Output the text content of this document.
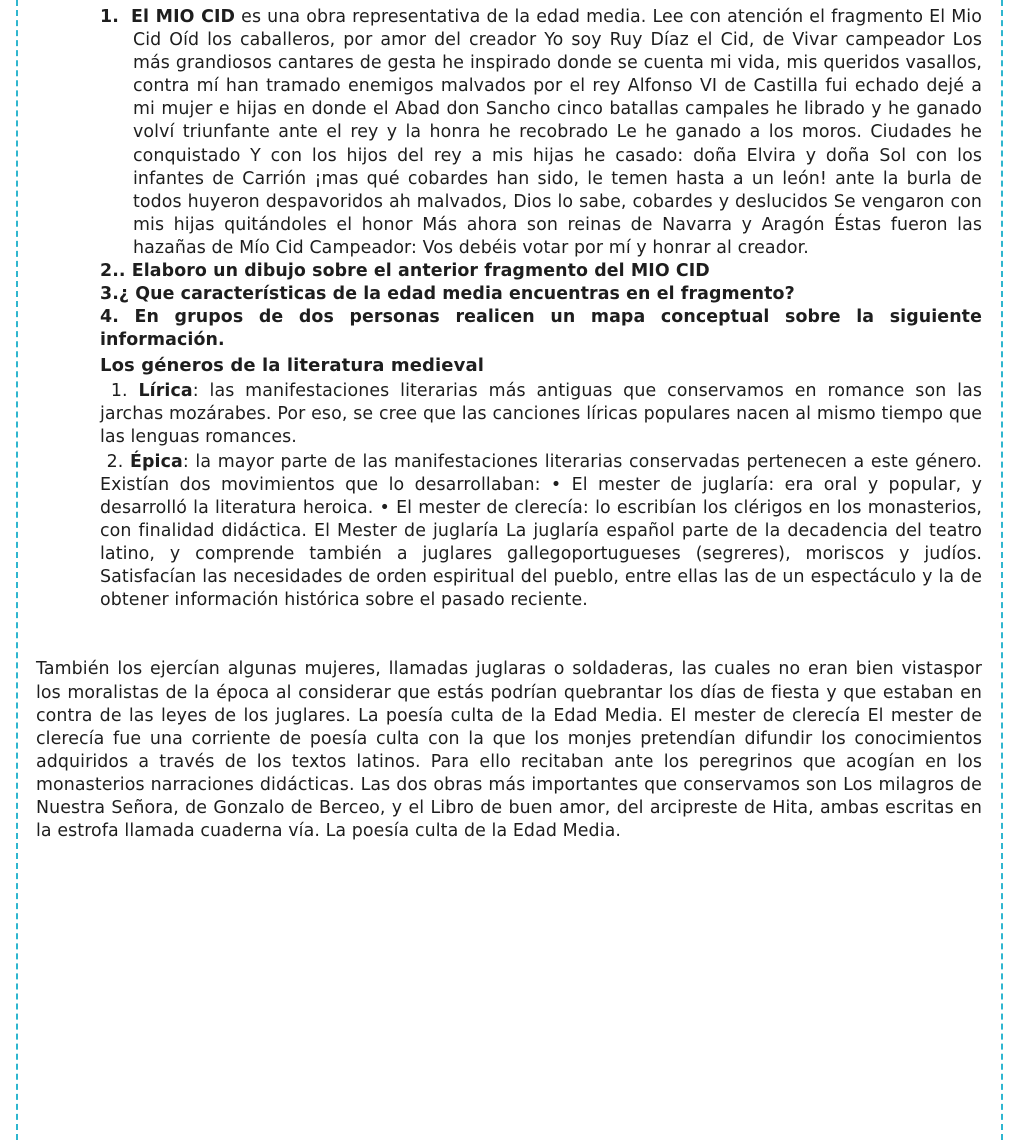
1. El MIO CID es una obra representativa de la edad media. Lee con atención el fragmento El Mio Cid Oíd los caballeros, por amor del creador Yo soy Ruy Díaz el Cid, de Vivar campeador Los más grandiosos cantares de gesta he inspirado donde se cuenta mi vida, mis queridos vasallos, contra mí han tramado enemigos malvados por el rey Alfonso VI de Castilla fui echado dejé a mi mujer e hijas en donde el Abad don Sancho cinco batallas campales he librado y he ganado volví triunfante ante el rey y la honra he recobrado Le he ganado a los moros. Ciudades he conquistado Y con los hijos del rey a mis hijas he casado: doña Elvira y doña Sol con los infantes de Carrión ¡mas qué cobardes han sido, le temen hasta a un león! ante la burla de todos huyeron despavoridos ah malvados, Dios lo sabe, cobardes y deslucidos Se vengaron con mis hijas quitándoles el honor Más ahora son reinas de Navarra y Aragón Éstas fueron las hazañas de Mío Cid Campeador: Vos debéis votar por mí y honrar al creador.

2.. Elaboro un dibujo sobre el anterior fragmento del MIO CID

3.¿ Que características de la edad media encuentras en el fragmento?

4. En grupos de dos personas realicen un mapa conceptual sobre la siguiente información.

Los géneros de la literatura medieval

1. Lírica: las manifestaciones literarias más antiguas que conservamos en romance son las jarchas mozárabes. Por eso, se cree que las canciones líricas populares nacen al mismo tiempo que las lenguas romances.

2. Épica: la mayor parte de las manifestaciones literarias conservadas pertenecen a este género. Existían dos movimientos que lo desarrollaban: • El mester de juglaría: era oral y popular, y desarrolló la literatura heroica. • El mester de clerecía: lo escribían los clérigos en los monasterios, con finalidad didáctica. El Mester de juglaría La juglaría español parte de la decadencia del teatro latino, y comprende también a juglares gallegoportugueses (segreres), moriscos y judíos. Satisfacían las necesidades de orden espiritual del pueblo, entre ellas las de un espectáculo y la de obtener información histórica sobre el pasado reciente.

También los ejercían algunas mujeres, llamadas juglaras o soldaderas, las cuales no eran bien vistaspor los moralistas de la época al considerar que estás podrían quebrantar los días de fiesta y que estaban en contra de las leyes de los juglares. La poesía culta de la Edad Media. El mester de clerecía El mester de clerecía fue una corriente de poesía culta con la que los monjes pretendían difundir los conocimientos adquiridos a través de los textos latinos. Para ello recitaban ante los peregrinos que acogían en los monasterios narraciones didácticas. Las dos obras más importantes que conservamos son Los milagros de Nuestra Señora, de Gonzalo de Berceo, y el Libro de buen amor, del arcipreste de Hita, ambas escritas en la estrofa llamada cuaderna vía. La poesía culta de la Edad Media.
